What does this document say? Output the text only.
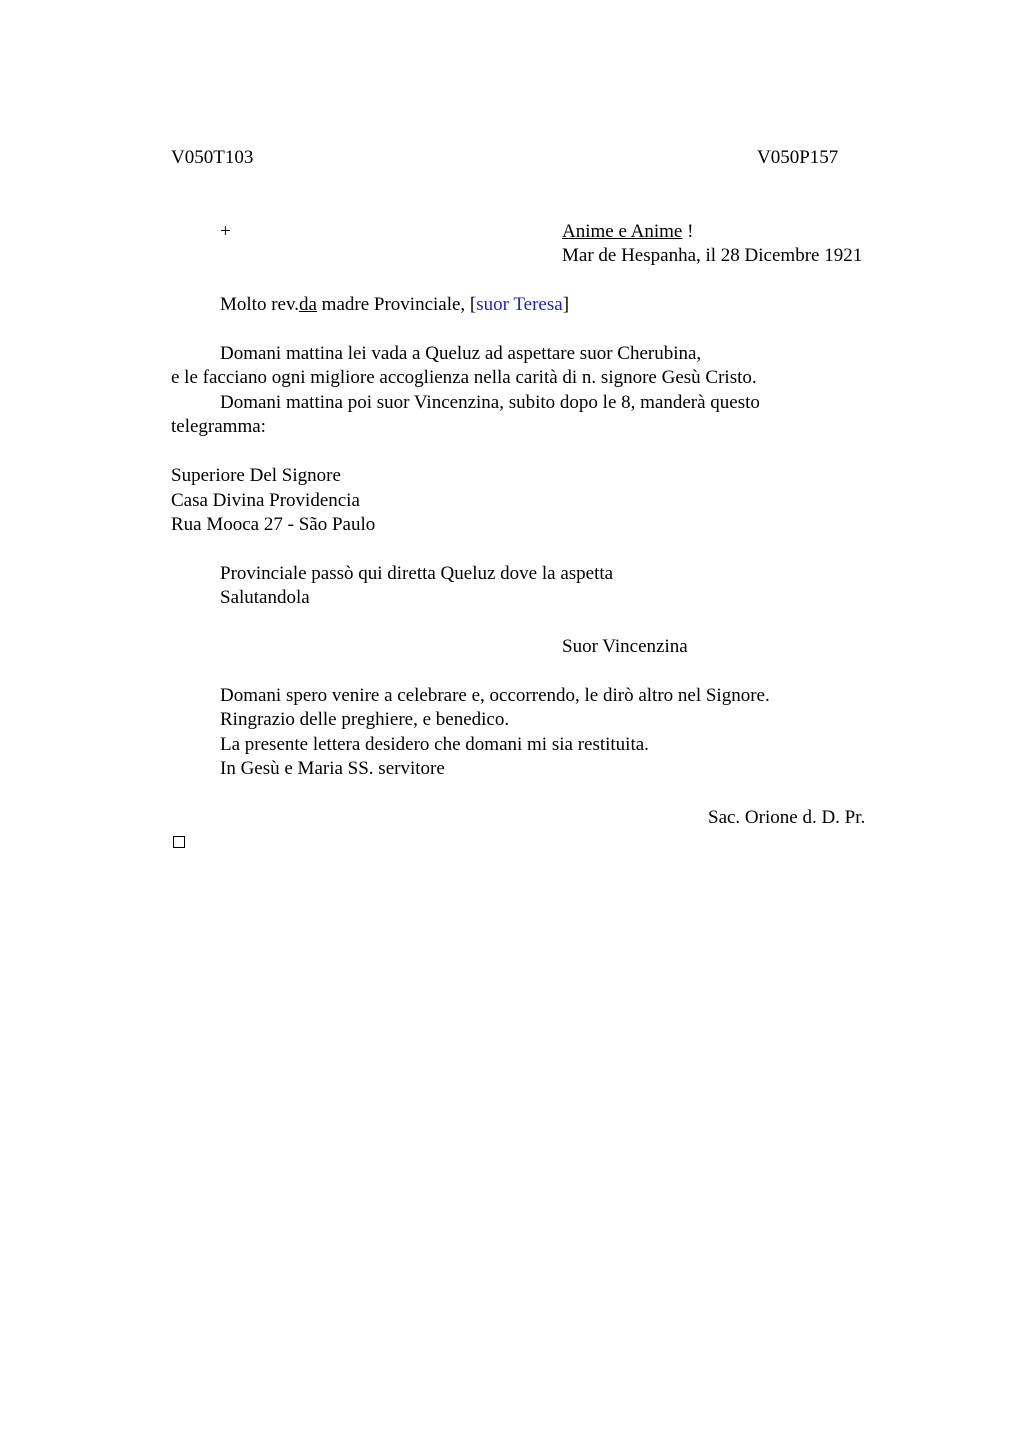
V050T103	V050P157
+	Anime e Anime !
Mar de Hespanha, il 28 Dicembre 1921
Molto rev.da madre Provinciale, [suor Teresa]
Domani mattina lei vada a Queluz ad aspettare suor Cherubina,
e le facciano ogni migliore accoglienza nella carità di n. signore Gesù Cristo.
Domani mattina poi suor Vincenzina, subito dopo le 8, manderà questo
telegramma:
Superiore Del Signore
Casa Divina Providencia
Rua Mooca 27 - São Paulo
Provinciale passò qui diretta Queluz dove la aspetta
Salutandola
Suor Vincenzina
Domani spero venire a celebrare e, occorrendo, le dirò altro nel Signore.
Ringrazio delle preghiere, e benedico.
La presente lettera desidero che domani mi sia restituita.
In Gesù e Maria SS. servitore
Sac. Orione d. D. Pr.
